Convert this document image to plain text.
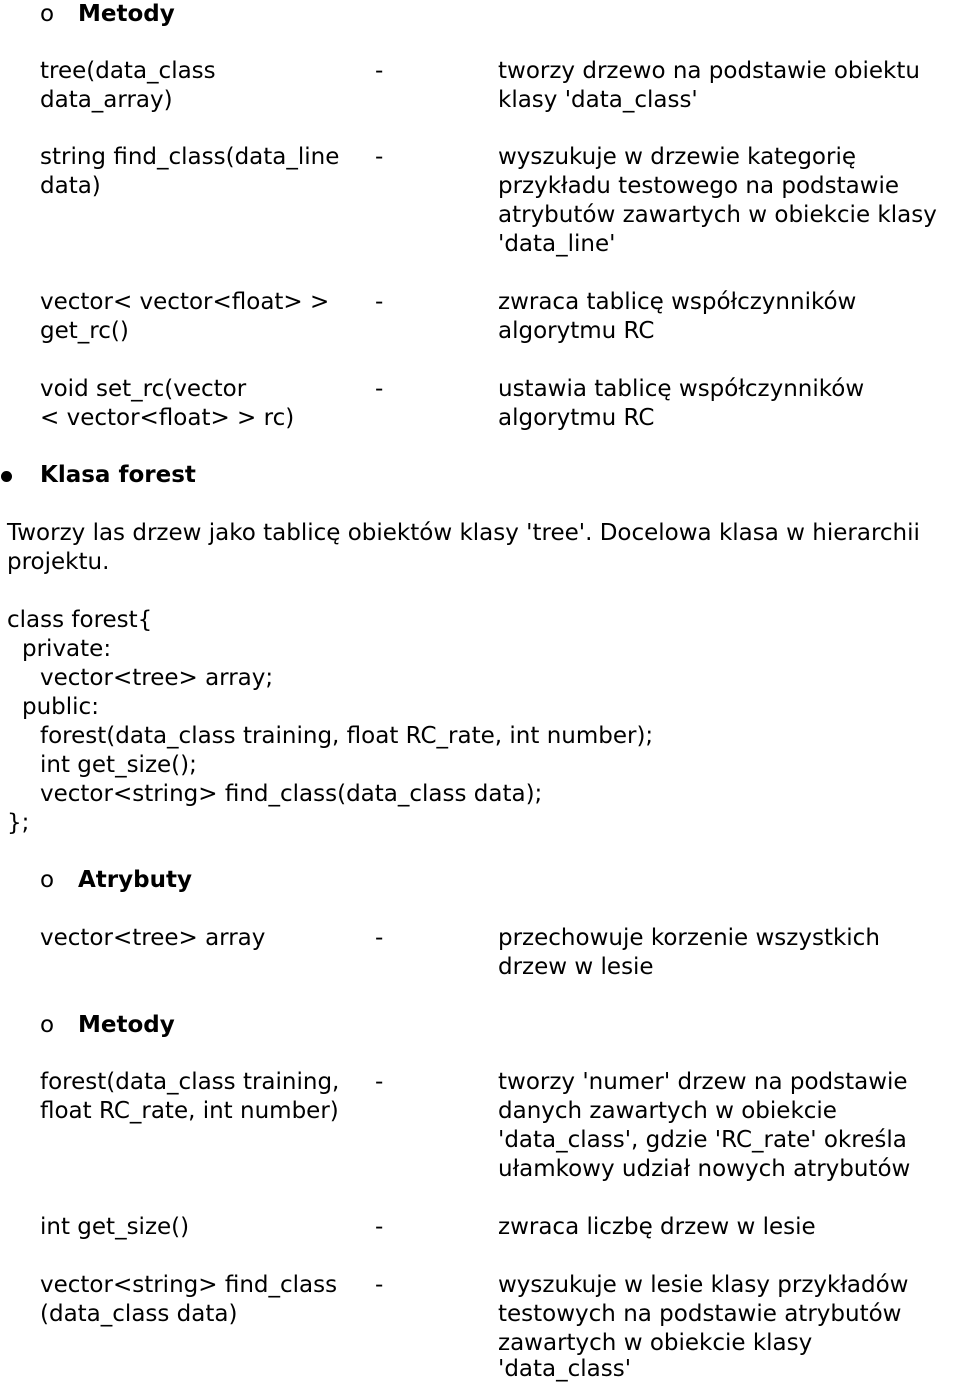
o Metody
tree(data_class
data_array)
-	tworzy drzewo na podstawie obiektu
klasy 'data_class'
string find_class(data_line
data)
-	wyszukuje w drzewie kategorię
przykładu testowego na podstawie
atrybutów zawartych w obiekcie klasy
'data_line'
vector< vector<float> >
get_rc()
-	zwraca tablicę współczynników
algorytmu RC
void set_rc(vector
< vector<float> > rc)
-	ustawia tablicę współczynników
algorytmu RC
Klasa forest
Tworzy las drzew jako tablicę obiektów klasy 'tree'. Docelowa klasa w hierarchii
projektu.
class forest{
private:
vector<tree> array;
public:
forest(data_class training, float RC_rate, int number);
int get_size();
vector<string> find_class(data_class data);
};
o Atrybuty
vector<tree> array	-	przechowuje korzenie wszystkich
drzew w lesie
o Metody
forest(data_class training,
float RC_rate, int number)
-	tworzy 'numer' drzew na podstawie
danych zawartych w obiekcie
'data_class', gdzie 'RC_rate' określa
ułamkowy udział nowych atrybutów
int get_size()	-	zwraca liczbę drzew w lesie
vector<string> find_class
(data_class data)
-	wyszukuje w lesie klasy przykładów
testowych na podstawie atrybutów
zawartych w obiekcie klasy
'data_class'
